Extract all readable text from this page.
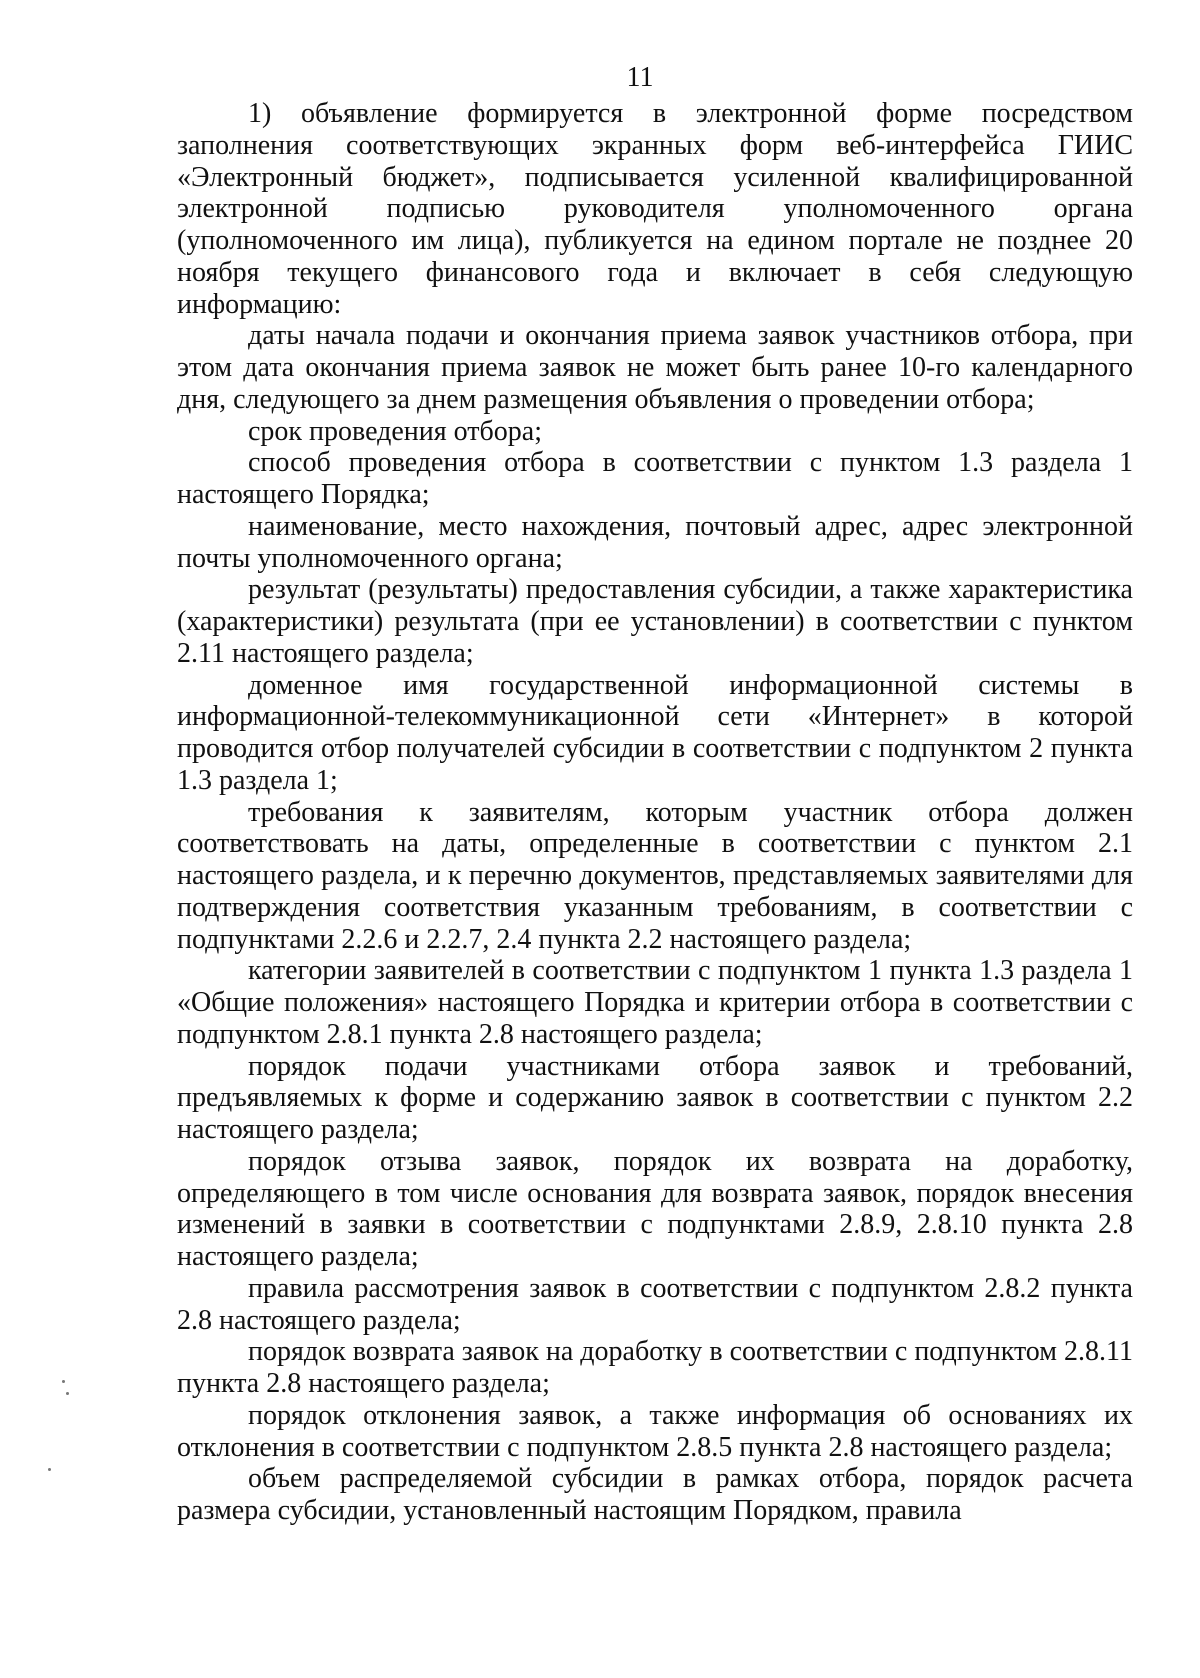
11

1) объявление формируется в электронной форме посредством заполнения соответствующих экранных форм веб-интерфейса ГИИС «Электронный бюджет», подписывается усиленной квалифицированной электронной подписью руководителя уполномоченного органа (уполномоченного им лица), публикуется на едином портале не позднее 20 ноября текущего финансового года и включает в себя следующую информацию:

даты начала подачи и окончания приема заявок участников отбора, при этом дата окончания приема заявок не может быть ранее 10-го календарного дня, следующего за днем размещения объявления о проведении отбора;

срок проведения отбора;

способ проведения отбора в соответствии с пунктом 1.3 раздела 1 настоящего Порядка;

наименование, место нахождения, почтовый адрес, адрес электронной почты уполномоченного органа;

результат (результаты) предоставления субсидии, а также характеристика (характеристики) результата (при ее установлении) в соответствии с пунктом 2.11 настоящего раздела;

доменное имя государственной информационной системы в информационной-телекоммуникационной сети «Интернет» в которой проводится отбор получателей субсидии в соответствии с подпунктом 2 пункта 1.3 раздела 1;

требования к заявителям, которым участник отбора должен соответствовать на даты, определенные в соответствии с пунктом 2.1 настоящего раздела, и к перечню документов, представляемых заявителями для подтверждения соответствия указанным требованиям, в соответствии с подпунктами 2.2.6 и 2.2.7, 2.4 пункта 2.2 настоящего раздела;

категории заявителей в соответствии с подпунктом 1 пункта 1.3 раздела 1 «Общие положения» настоящего Порядка и критерии отбора в соответствии с подпунктом 2.8.1 пункта 2.8 настоящего раздела;

порядок подачи участниками отбора заявок и требований, предъявляемых к форме и содержанию заявок в соответствии с пунктом 2.2 настоящего раздела;

порядок отзыва заявок, порядок их возврата на доработку, определяющего в том числе основания для возврата заявок, порядок внесения изменений в заявки в соответствии с подпунктами 2.8.9, 2.8.10 пункта 2.8 настоящего раздела;

правила рассмотрения заявок в соответствии с подпунктом 2.8.2 пункта 2.8 настоящего раздела;

порядок возврата заявок на доработку в соответствии с подпунктом 2.8.11 пункта 2.8 настоящего раздела;

порядок отклонения заявок, а также информация об основаниях их отклонения в соответствии с подпунктом 2.8.5 пункта 2.8 настоящего раздела;

объем распределяемой субсидии в рамках отбора, порядок расчета размера субсидии, установленный настоящим Порядком, правила
